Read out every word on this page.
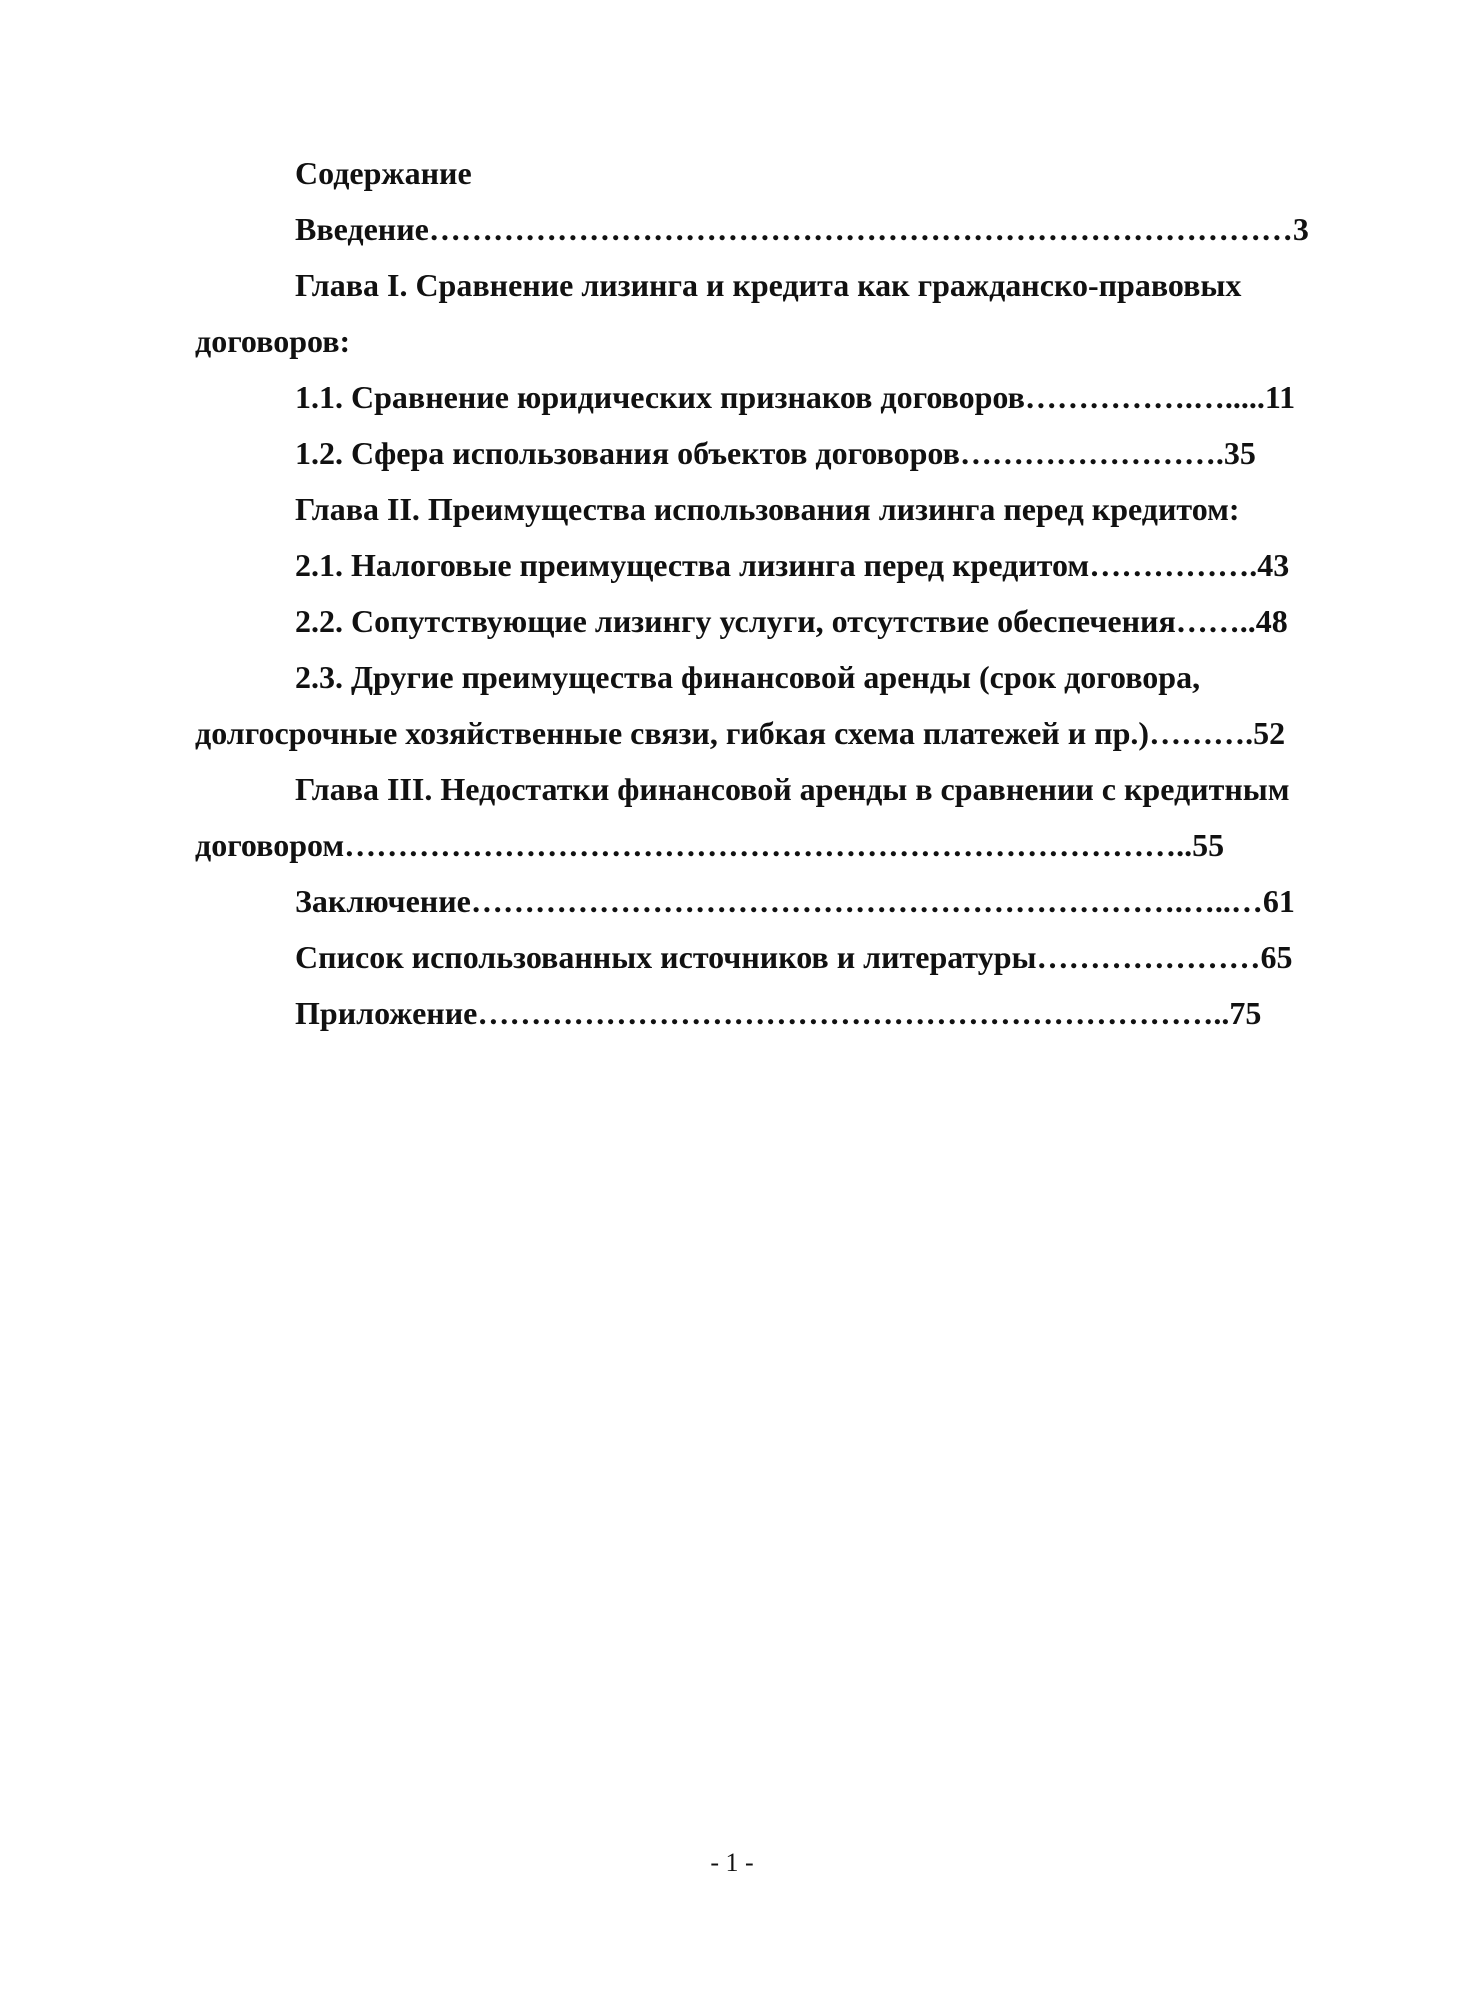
Содержание
Введение………………………………………………………………………3
Глава I. Сравнение лизинга и кредита как гражданско-правовых
договоров:
1.1. Сравнение юридических признаков договоров…………….….....11
1.2. Сфера использования объектов договоров…………………….35
Глава II. Преимущества использования лизинга перед кредитом:
2.1. Налоговые преимущества лизинга перед кредитом…………….43
2.2. Сопутствующие лизингу услуги, отсутствие обеспечения……..48
2.3. Другие преимущества финансовой аренды (срок договора,
долгосрочные хозяйственные связи, гибкая схема платежей и пр.)……….52
Глава III. Недостатки финансовой аренды в сравнении с кредитным
договором……………………………………………………………………..55
Заключение………………………………………………………….…..…61
Список использованных источников и литературы…………………65
Приложение……………………………………………………………..75
- 1 -
